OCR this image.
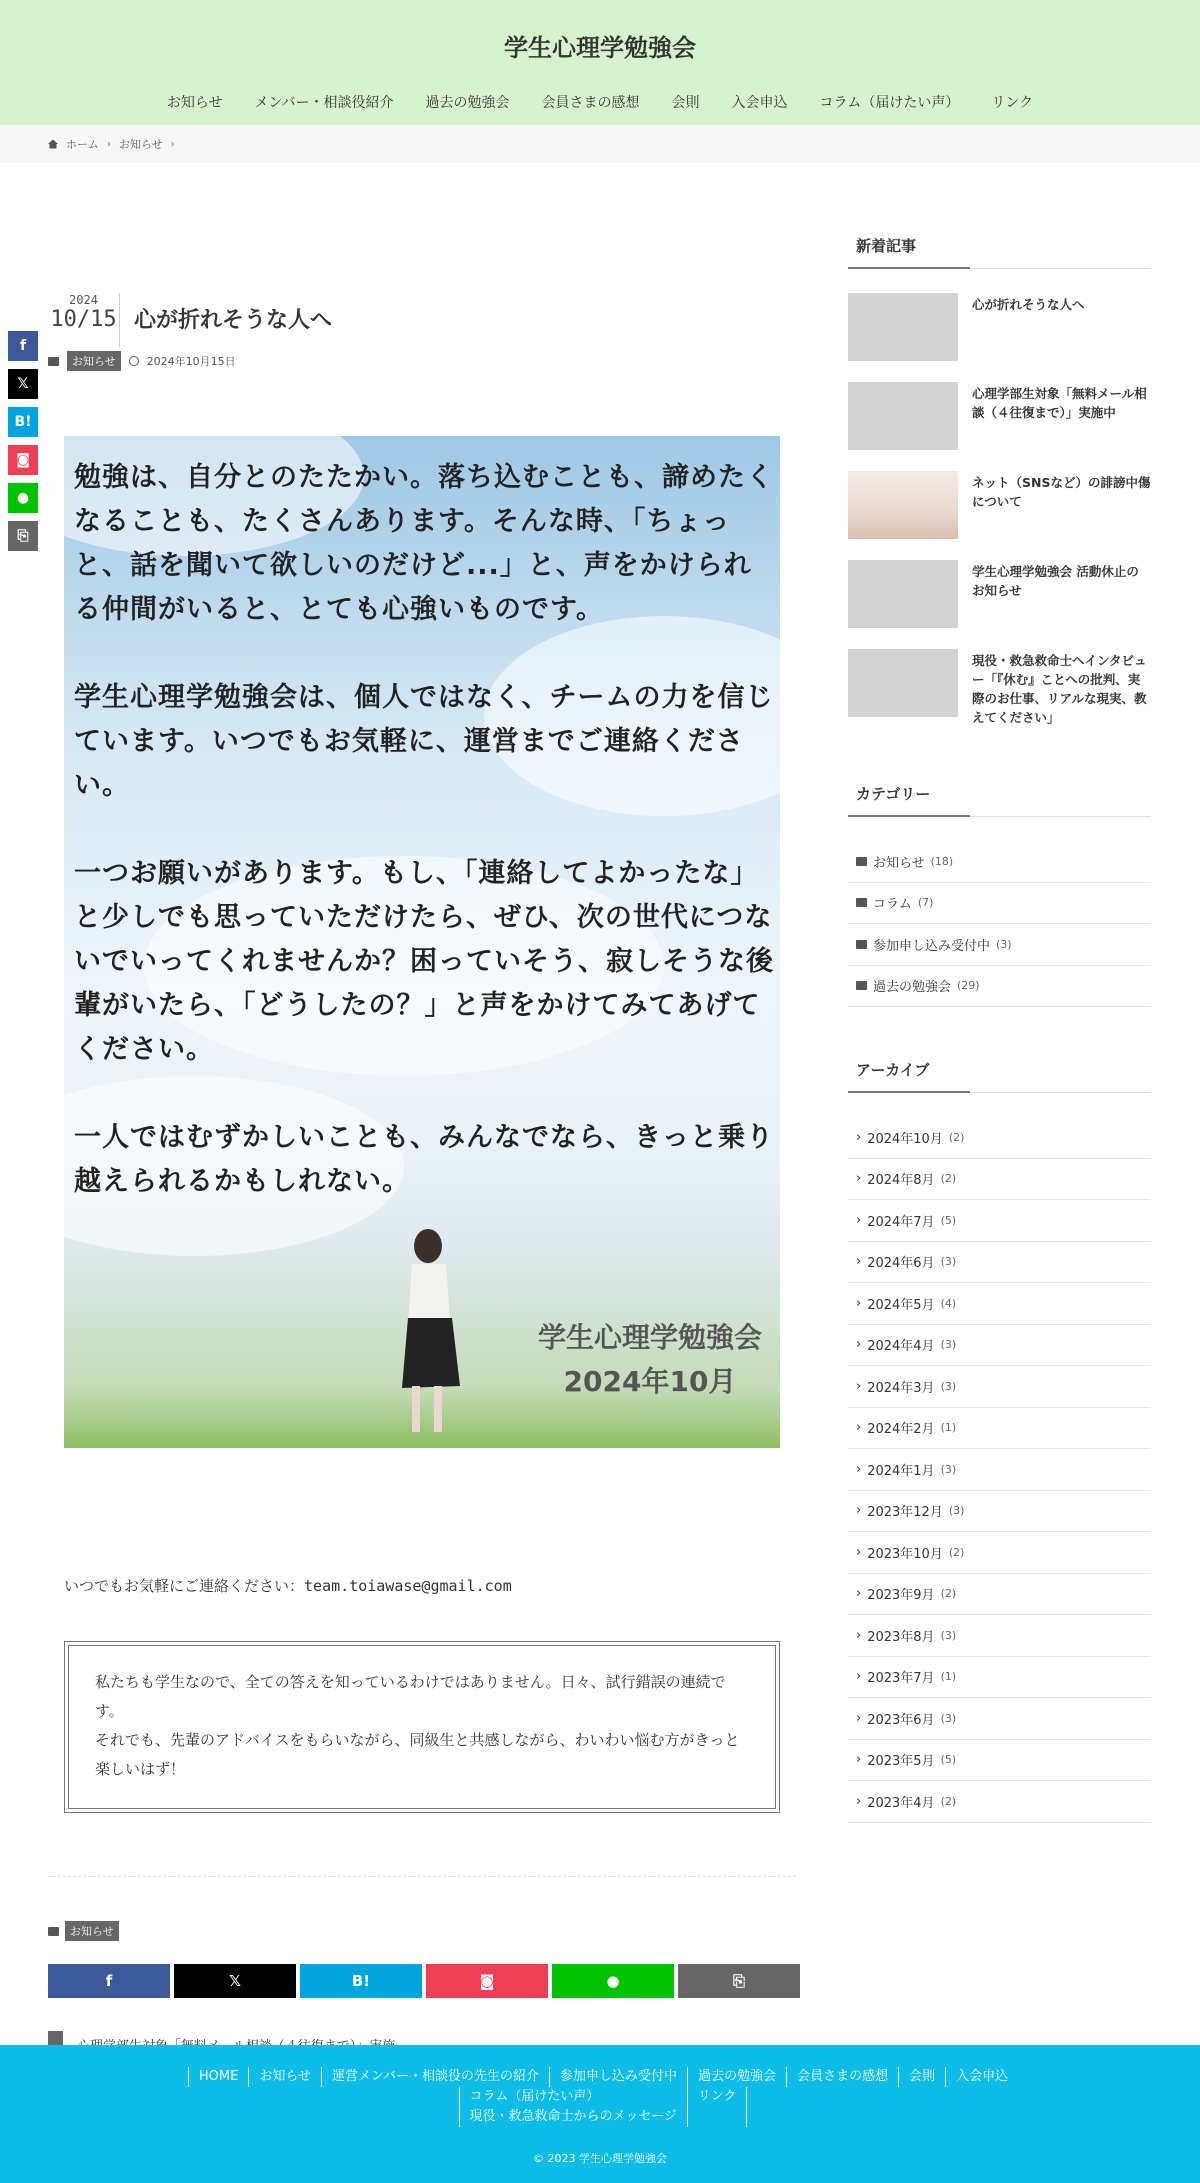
学生心理学勉強会
お知らせ	メンバー・相談役紹介	過去の勉強会	会員さまの感想	会則	入会申込	コラム（届けたい声）	リンク
ホーム › お知らせ ›
f
𝕏
B!
◙
●
⎘
2024
10/15 心が折れそうな人へ
お知らせ	2024年10月15日

勉強は、自分とのたたかい。落ち込むことも、諦めたくなることも、たくさんあります。そんな時、「ちょっと、話を聞いて欲しいのだけど...」と、声をかけられる仲間がいると、とても心強いものです。

学生心理学勉強会は、個人ではなく、チームの力を信じています。いつでもお気軽に、運営までご連絡ください。

一つお願いがあります。もし、「連絡してよかったな」と少しでも思っていただけたら、ぜひ、次の世代につないでいってくれませんか？困っていそう、寂しそうな後輩がいたら、「どうしたの？」と声をかけてみてあげてください。

一人ではむずかしいことも、みんなでなら、きっと乗り越えられるかもしれない。

学生心理学勉強会
2024年10月

いつでもお気軽にご連絡ください：team.toiawase@gmail.com

私たちも学生なので、全ての答えを知っているわけではありません。日々、試行錯誤の連続です。
それでも、先輩のアドバイスをもらいながら、同級生と共感しながら、わいわい悩む方がきっと楽しいはず！
お知らせ
f	𝕏	B!	◙	●	⎘
新着記事
心が折れそうな人へ
心理学部生対象「無料メール相談（４往復まで）」実施中
ネット（SNSなど）の誹謗中傷について
学生心理学勉強会 活動休止のお知らせ
現役・救急救命士へインタビュー「『休む』ことへの批判、実際のお仕事、リアルな現実、教えてください」
カテゴリー
お知らせ (18)
コラム (7)
参加申し込み受付中 (3)
過去の勉強会 (29)
アーカイブ
› 2024年10月 (2)
› 2024年8月 (2)
› 2024年7月 (5)
› 2024年6月 (3)
› 2024年5月 (4)
› 2024年4月 (3)
› 2024年3月 (3)
› 2024年2月 (1)
› 2024年1月 (3)
› 2023年12月 (3)
› 2023年10月 (2)
› 2023年9月 (2)
› 2023年8月 (3)
› 2023年7月 (1)
› 2023年6月 (3)
› 2023年5月 (5)
› 2023年4月 (2)
HOME	お知らせ	運営メンバー・相談役の先生の紹介	参加申し込み受付中	過去の勉強会	会員さまの感想	会則	入会申込
コラム（届けたい声）
現役・救急救命士からのメッセージ
リンク
© 2023 学生心理学勉強会
